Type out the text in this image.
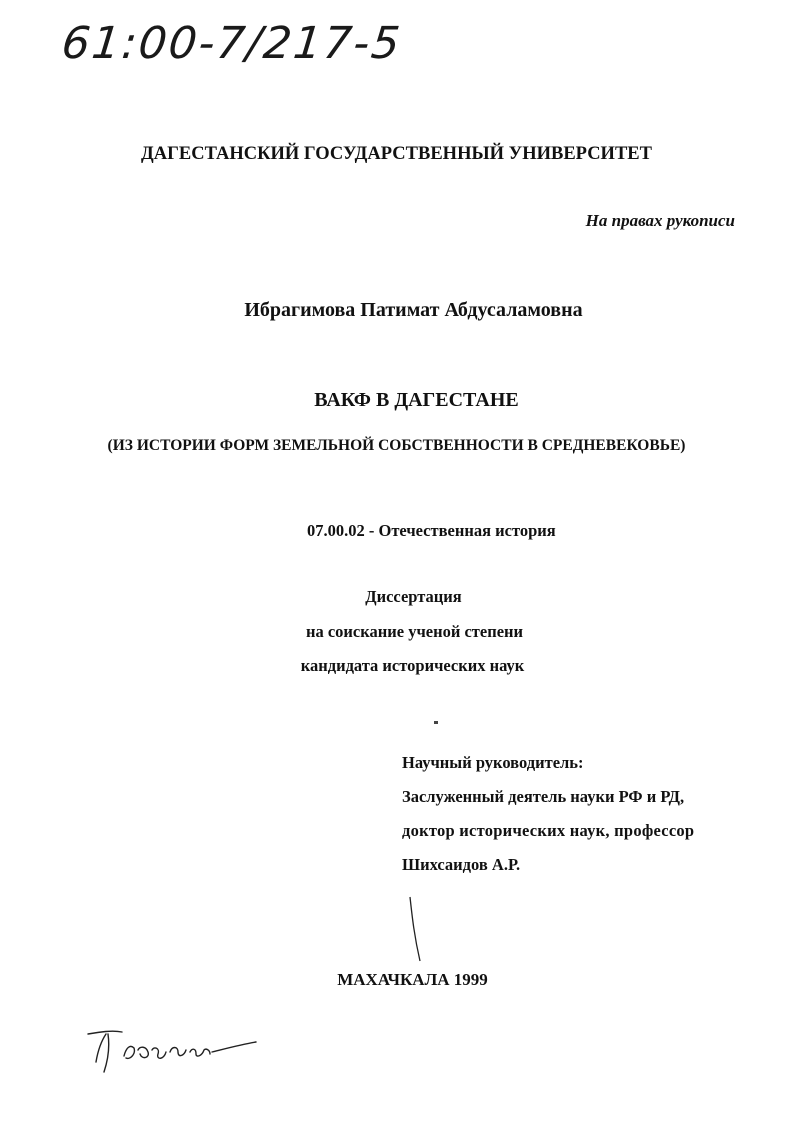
61:00-7/217-5
ДАГЕСТАНСКИЙ ГОСУДАРСТВЕННЫЙ УНИВЕРСИТЕТ
На правах рукописи
Ибрагимова Патимат Абдусаламовна
ВАКФ В ДАГЕСТАНЕ
(ИЗ ИСТОРИИ ФОРМ ЗЕМЕЛЬНОЙ СОБСТВЕННОСТИ В СРЕДНЕВЕКОВЬЕ)
07.00.02 - Отечественная история
Диссертация
на соискание ученой степени
кандидата исторических наук
Научный руководитель:
Заслуженный деятель науки РФ и РД,
доктор исторических наук, профессор
Шихсаидов А.Р.
МАХАЧКАЛА 1999
